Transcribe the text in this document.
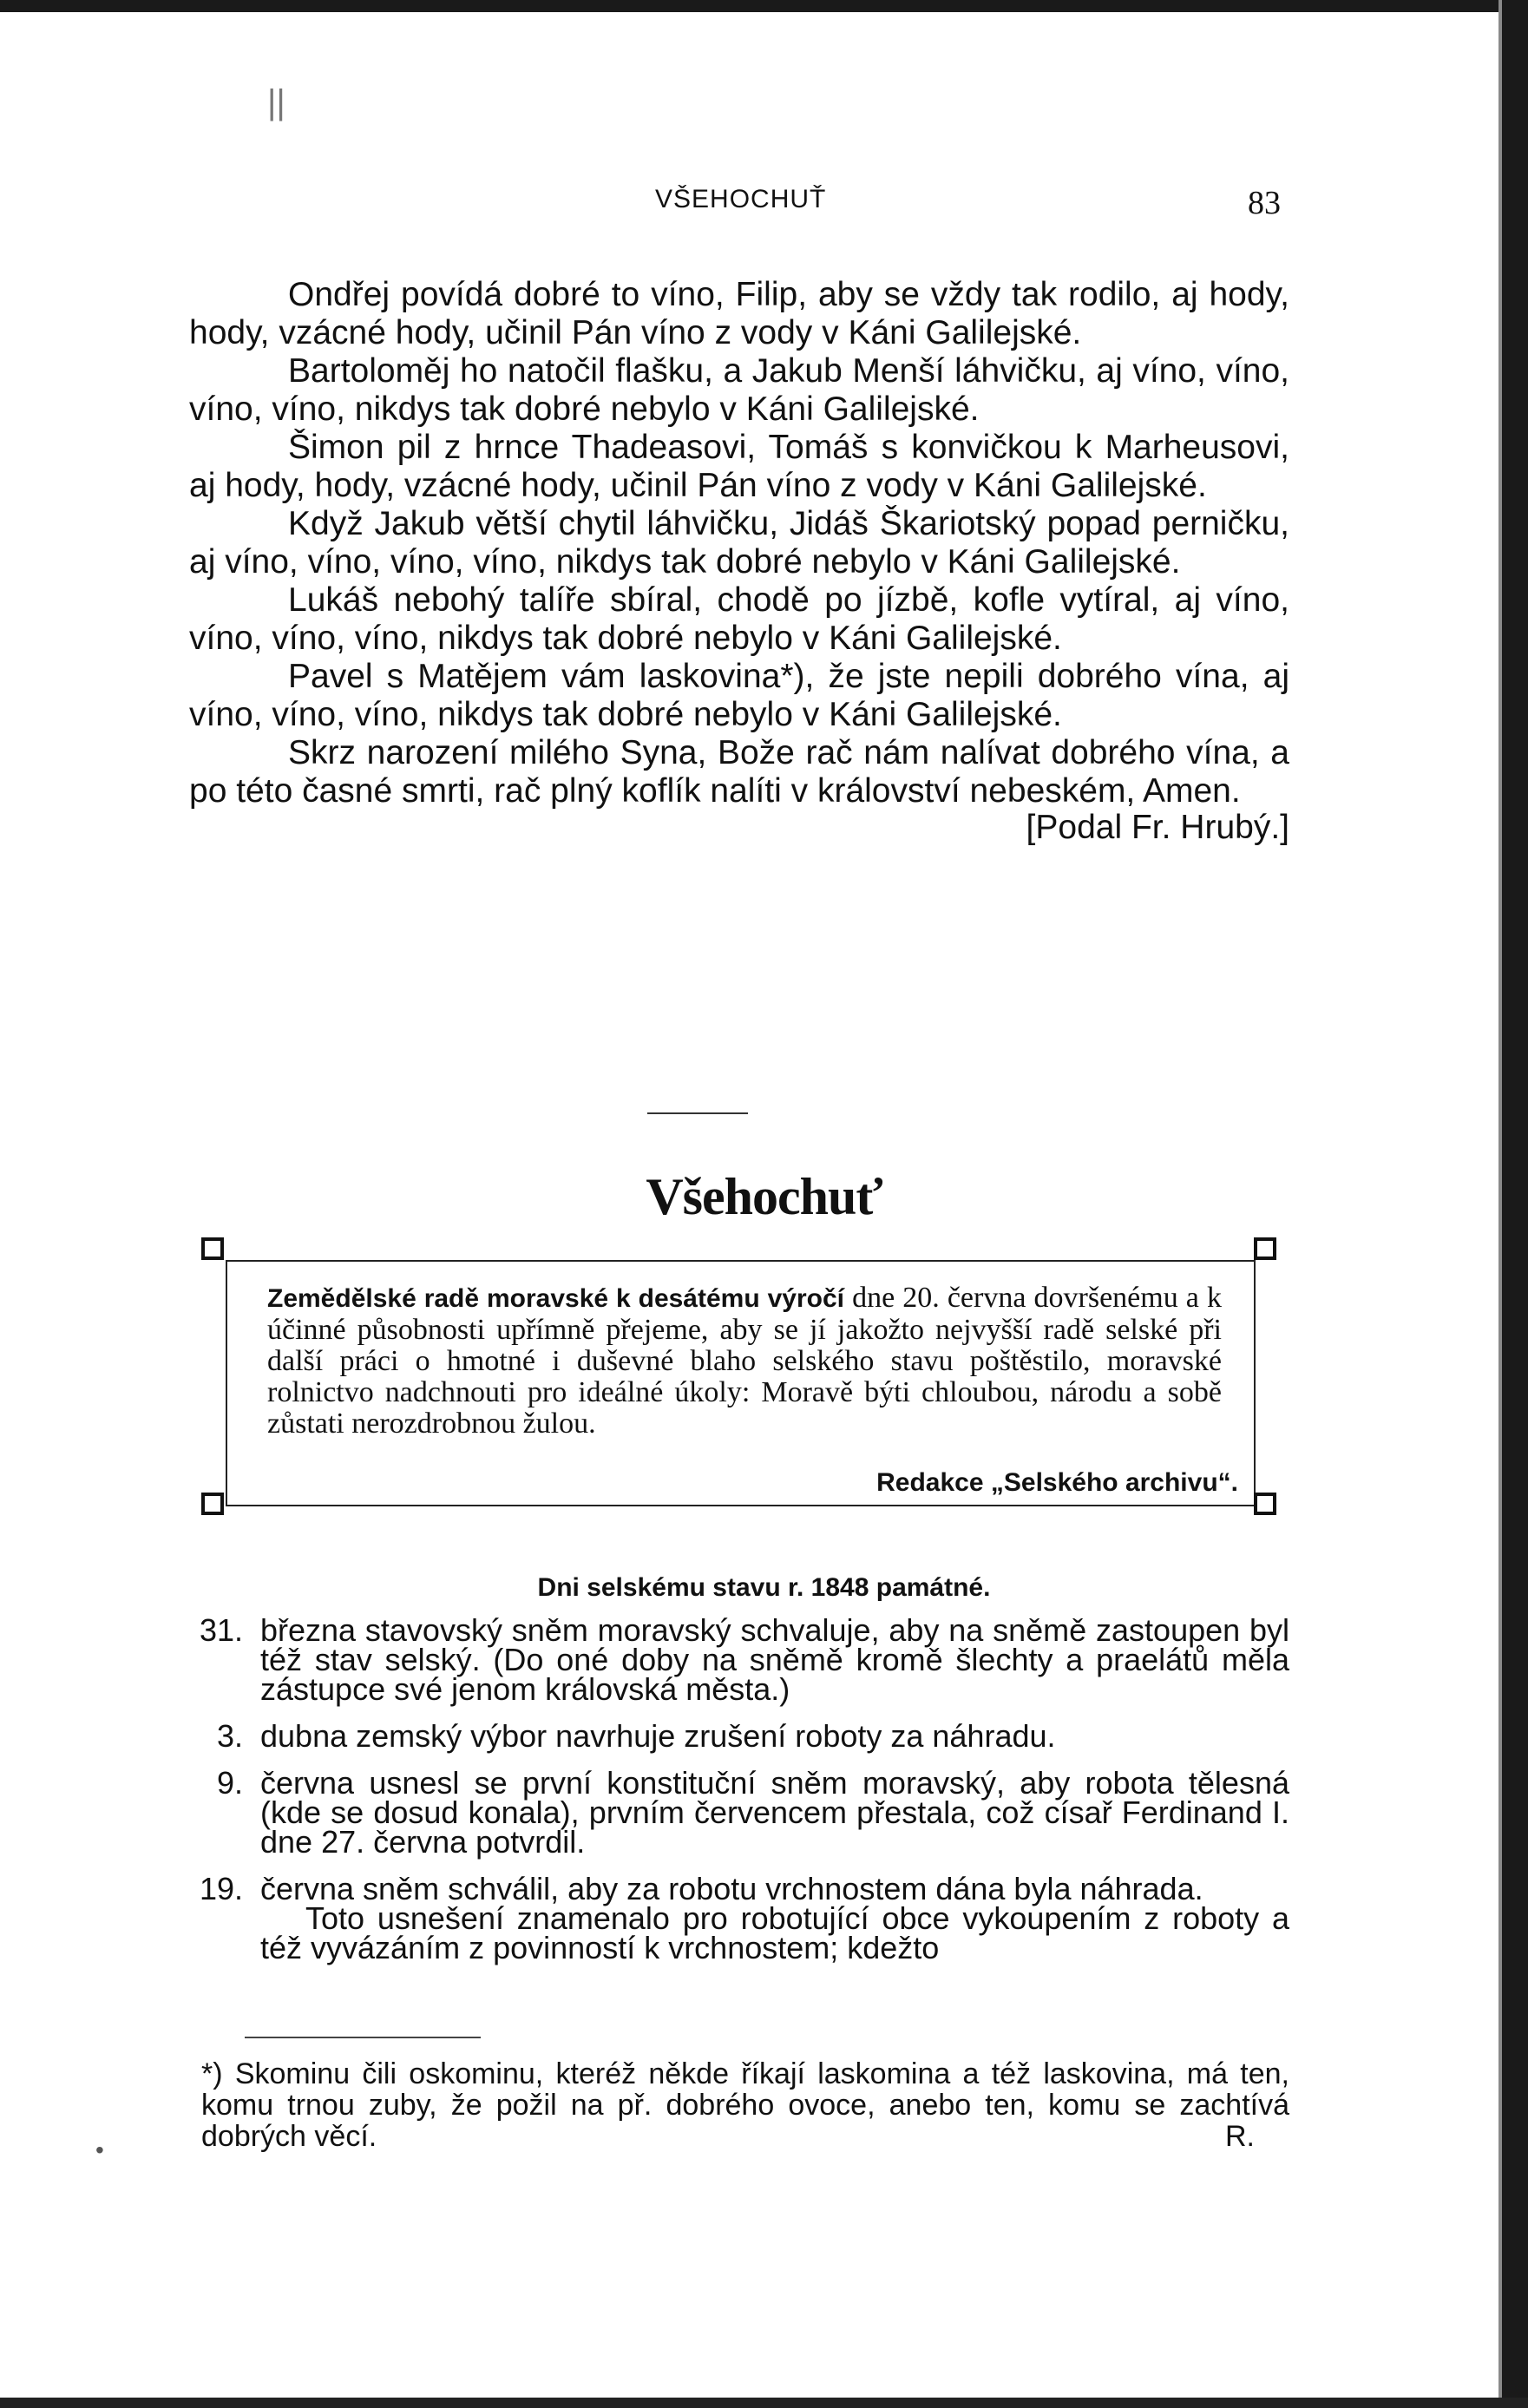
||
VŠEHOCHUŤ	83

Ondřej povídá dobré to víno, Filip, aby se vždy tak rodilo, aj hody, hody, vzácné hody, učinil Pán víno z vody v Káni Galilejské.

Bartoloměj ho natočil flašku, a Jakub Menší láhvičku, aj víno, víno, víno, víno, nikdys tak dobré nebylo v Káni Galilejské.

Šimon pil z hrnce Thadeasovi, Tomáš s konvičkou k Marheusovi, aj hody, hody, vzácné hody, učinil Pán víno z vody v Káni Galilejské.

Když Jakub větší chytil láhvičku, Jidáš Škariotský popad perničku, aj víno, víno, víno, víno, nikdys tak dobré nebylo v Káni Galilejské.

Lukáš nebohý talíře sbíral, chodě po jízbě, kofle vytíral, aj víno, víno, víno, víno, nikdys tak dobré nebylo v Káni Galilejské.

Pavel s Matějem vám laskovina*), že jste nepili dobrého vína, aj víno, víno, víno, nikdys tak dobré nebylo v Káni Galilejské.

Skrz narození milého Syna, Bože rač nám nalívat dobrého vína, a po této časné smrti, rač plný koflík nalíti v království nebeském, Amen.

[Podal Fr. Hrubý.]
Všehochuť
Zemědělské radě moravské k desátému výročí dne 20. června dovršenému a k účinné působnosti upřímně přejeme, aby se jí jakožto nejvyšší radě selské při další práci o hmotné i duševné blaho selského stavu poštěstilo, moravské rolnictvo nadchnouti pro ideálné úkoly: Moravě býti chloubou, národu a sobě zůstati nerozdrobnou žulou.
Redakce „Selského archivu“.
Dni selskému stavu r. 1848 památné.
31. března stavovský sněm moravský schvaluje, aby na sněmě zastoupen byl též stav selský. (Do oné doby na sněmě kromě šlechty a praelátů měla zástupce své jenom královská města.)
3. dubna zemský výbor navrhuje zrušení roboty za náhradu.
9. června usnesl se první konstituční sněm moravský, aby robota tělesná (kde se dosud konala), prvním červencem přestala, což císař Ferdinand I. dne 27. června potvrdil.
19. června sněm schválil, aby za robotu vrchnostem dána byla náhrada.
Toto usnešení znamenalo pro robotující obce vykoupením z roboty a též vyvázáním z povinností k vrchnostem; kdežto
*) Skominu čili oskominu, kteréž někde říkají laskomina a též laskovina, má ten, komu trnou zuby, že požil na př. dobrého ovoce, anebo ten, komu se zachtívá dobrých věcí.	R.
•
